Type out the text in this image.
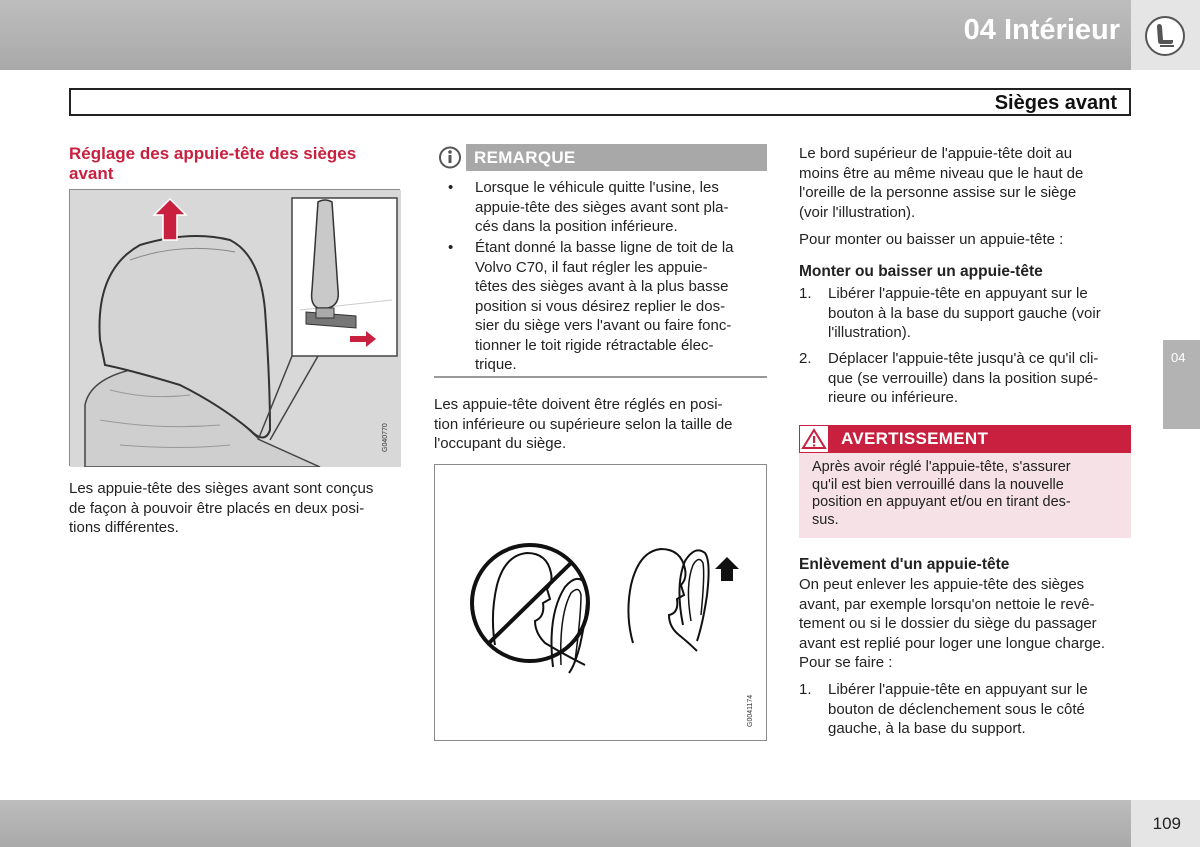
04 Intérieur
Sièges avant
Réglage des appuie-tête des sièges
avant
G040770
Les appuie-tête des sièges avant sont conçus
de façon à pouvoir être placés en deux posi-
tions différentes.
REMARQUE
• Lorsque le véhicule quitte l'usine, les
appuie-tête des sièges avant sont pla-
cés dans la position inférieure.
• Étant donné la basse ligne de toit de la
Volvo C70, il faut régler les appuie-
têtes des sièges avant à la plus basse
position si vous désirez replier le dos-
sier du siège vers l'avant ou faire fonc-
tionner le toit rigide rétractable élec-
trique.
Les appuie-tête doivent être réglés en posi-
tion inférieure ou supérieure selon la taille de
l'occupant du siège.
G0041174
Le bord supérieur de l'appuie-tête doit au
moins être au même niveau que le haut de
l'oreille de la personne assise sur le siège
(voir l'illustration).
Pour monter ou baisser un appuie-tête :
Monter ou baisser un appuie-tête
1. Libérer l'appuie-tête en appuyant sur le
bouton à la base du support gauche (voir
l'illustration).
2. Déplacer l'appuie-tête jusqu'à ce qu'il cli-
que (se verrouille) dans la position supé-
rieure ou inférieure.
AVERTISSEMENT
Après avoir réglé l'appuie-tête, s'assurer
qu'il est bien verrouillé dans la nouvelle
position en appuyant et/ou en tirant des-
sus.
Enlèvement d'un appuie-tête
On peut enlever les appuie-tête des sièges
avant, par exemple lorsqu'on nettoie le revê-
tement ou si le dossier du siège du passager
avant est replié pour loger une longue charge.
Pour se faire :
1. Libérer l'appuie-tête en appuyant sur le
bouton de déclenchement sous le côté
gauche, à la base du support.
04
109
